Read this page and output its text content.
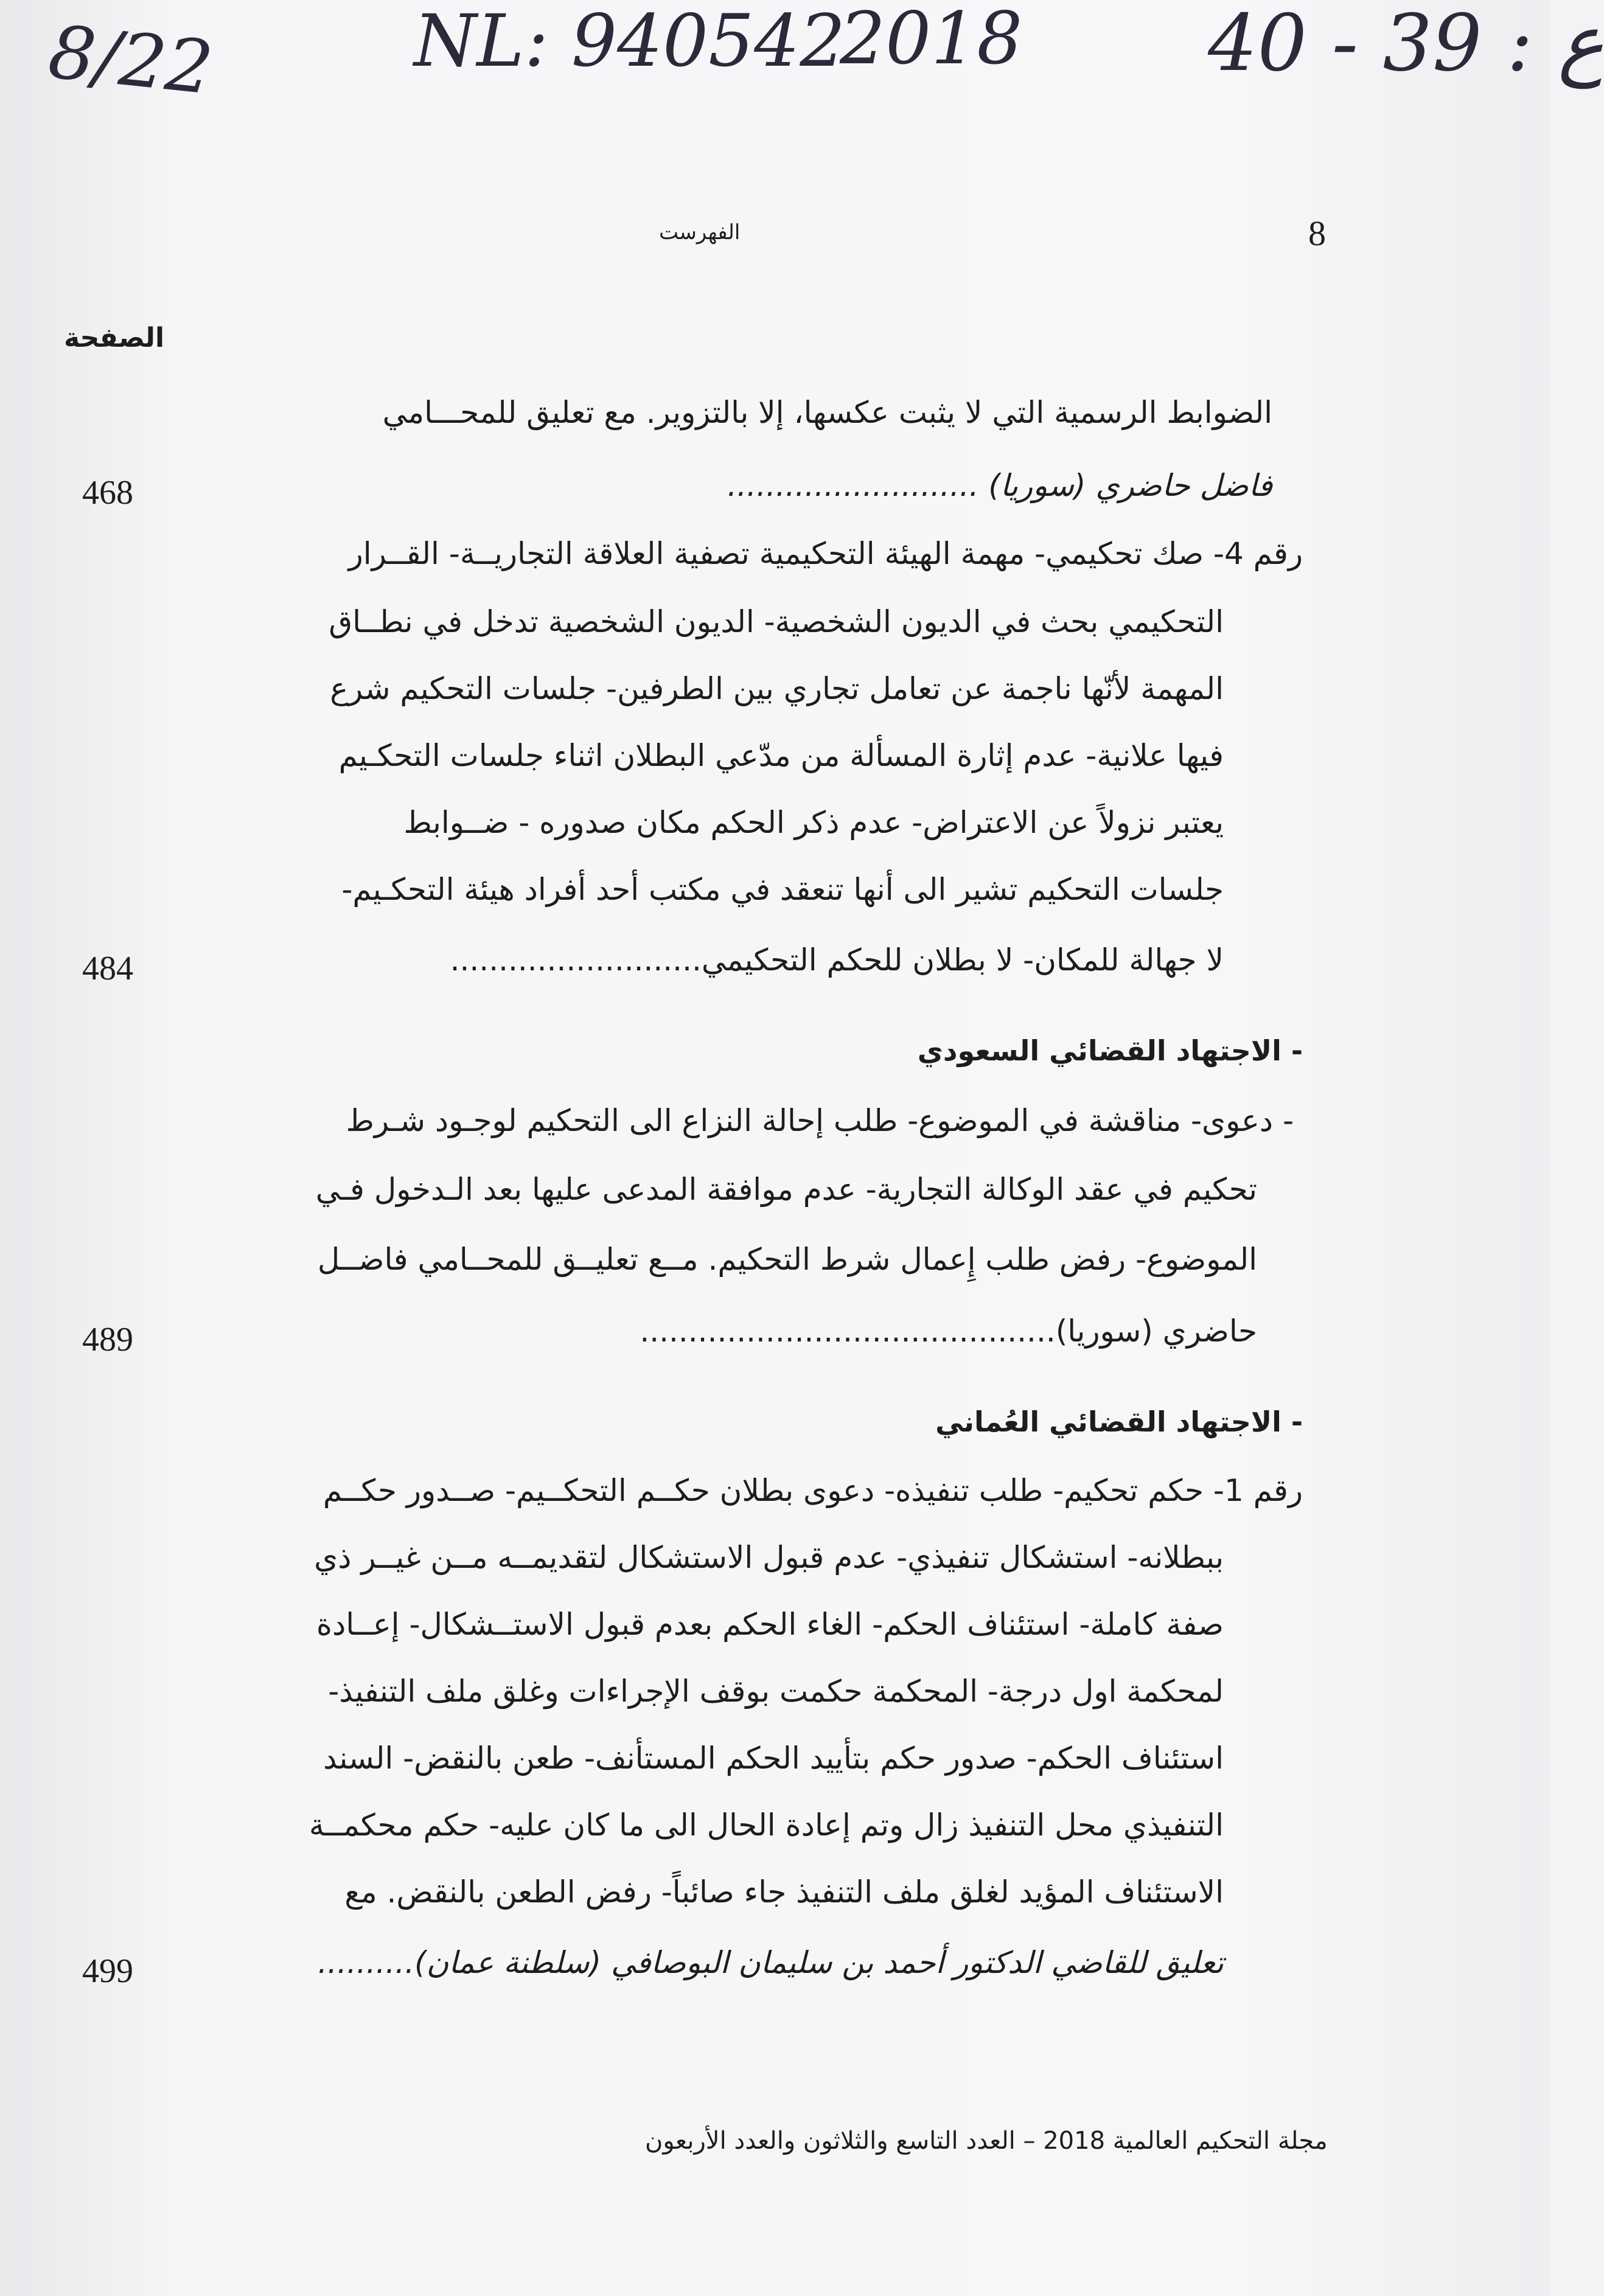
8/22	NL: 940542
2018 40 - 39 : ع
8
الفهرست
الصفحة
الضوابط الرسمية التي لا يثبت عكسها، إلا بالتزوير. مع تعليق للمحـــامي
فاضل حاضري (سوريا) ..........................
468
رقم 4- صك تحكيمي- مهمة الهيئة التحكيمية تصفية العلاقة التجاريــة- القــرار
التحكيمي بحث في الديون الشخصية- الديون الشخصية تدخل في نطــاق
المهمة لأنّها ناجمة عن تعامل تجاري بين الطرفين- جلسات التحكيم شرع
فيها علانية- عدم إثارة المسألة من مدّعي البطلان اثناء جلسات التحكـيم
يعتبر نزولاً عن الاعتراض- عدم ذكر الحكم مكان صدوره - ضــوابط
جلسات التحكيم تشير الى أنها تنعقد في مكتب أحد أفراد هيئة التحكـيم-
لا جهالة للمكان- لا بطلان للحكم التحكيمي..........................
484
- الاجتهاد القضائي السعودي
- دعوى- مناقشة في الموضوع- طلب إحالة النزاع الى التحكيم لوجـود شـرط
تحكيم في عقد الوكالة التجارية- عدم موافقة المدعى عليها بعد الـدخول فـي
الموضوع- رفض طلب إِعمال شرط التحكيم. مــع تعليــق للمحــامي فاضــل
حاضري (سوريا)...........................................
489
- الاجتهاد القضائي العُماني
رقم 1- حكم تحكيم- طلب تنفيذه- دعوى بطلان حكــم التحكــيم- صــدور حكــم
ببطلانه- استشكال تنفيذي- عدم قبول الاستشكال لتقديمــه مــن غيــر ذي
صفة كاملة- استئناف الحكم- الغاء الحكم بعدم قبول الاستــشكال- إعــادة
لمحكمة اول درجة- المحكمة حكمت بوقف الإجراءات وغلق ملف التنفيذ-
استئناف الحكم- صدور حكم بتأييد الحكم المستأنف- طعن بالنقض- السند
التنفيذي محل التنفيذ زال وتم إعادة الحال الى ما كان عليه- حكم محكمــة
الاستئناف المؤيد لغلق ملف التنفيذ جاء صائباً- رفض الطعن بالنقض. مع
تعليق للقاضي الدكتور أحمد بن سليمان البوصافي (سلطنة عمان)..........
499
مجلة التحكيم العالمية 2018 – العدد التاسع والثلاثون والعدد الأربعون
